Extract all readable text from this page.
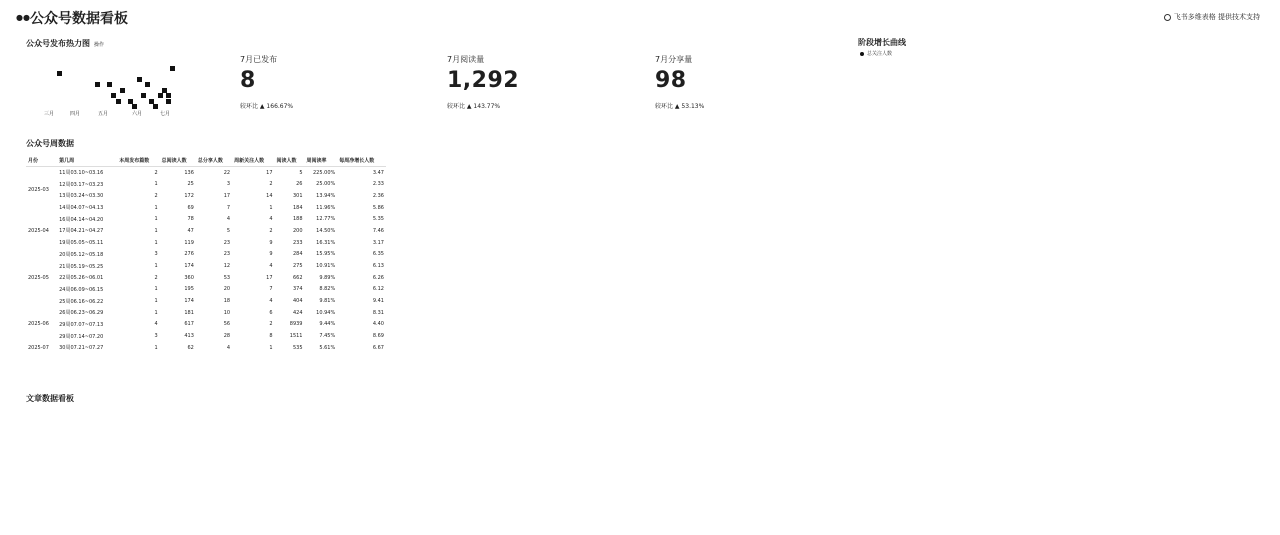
●● 公众号数据看板	飞书多维表格 提供技术支持
公众号发布热力图 操作
三月	四月	五月	六月	七月
7月已发布
8
较环比 ▲ 166.67%
7月阅读量
1,292
较环比 ▲ 143.77%
7月分享量
98
较环比 ▲ 53.13%
公众号周数据
月份	第几周	本周发布篇数	总阅读人数	总分享人数	周新关注人数	阅读人数	周阅读率	每周净增长人数
2025-03	11周03.10~03.16	2	136	22	17	5	225.00%	3.47
	12周03.17~03.23	1	25	3	2	26	25.00%	2.33
	13周03.24~03.30	2	172	17	14	301	13.94%	2.36
	14周04.07~04.13	1	69	7	1	184	11.96%	5.86
2025-04	16周04.14~04.20	1	78	4	4	188	12.77%	5.35
	17周04.21~04.27	1	47	5	2	200	14.50%	7.46
	19周05.05~05.11	1	119	23	9	233	16.31%	3.17
2025-05	20周05.12~05.18	3	276	23	9	284	15.95%	6.35
	21周05.19~05.25	1	174	12	4	275	10.91%	6.13
	22周05.26~06.01	2	360	53	17	662	9.89%	6.26
	24周06.09~06.15	1	195	20	7	374	8.82%	6.12
	25周06.16~06.22	1	174	18	4	404	9.81%	9.41
2025-06	26周06.23~06.29	1	181	10	6	424	10.94%	8.31
	29周07.07~07.13	4	617	56	2	8939	9.44%	4.40
	29周07.14~07.20	3	413	28	8	1511	7.45%	8.69
2025-07	30周07.21~07.27	1	62	4	1	535	5.61%	6.67
文章数据看板
阶段增长曲线
总关注人数
